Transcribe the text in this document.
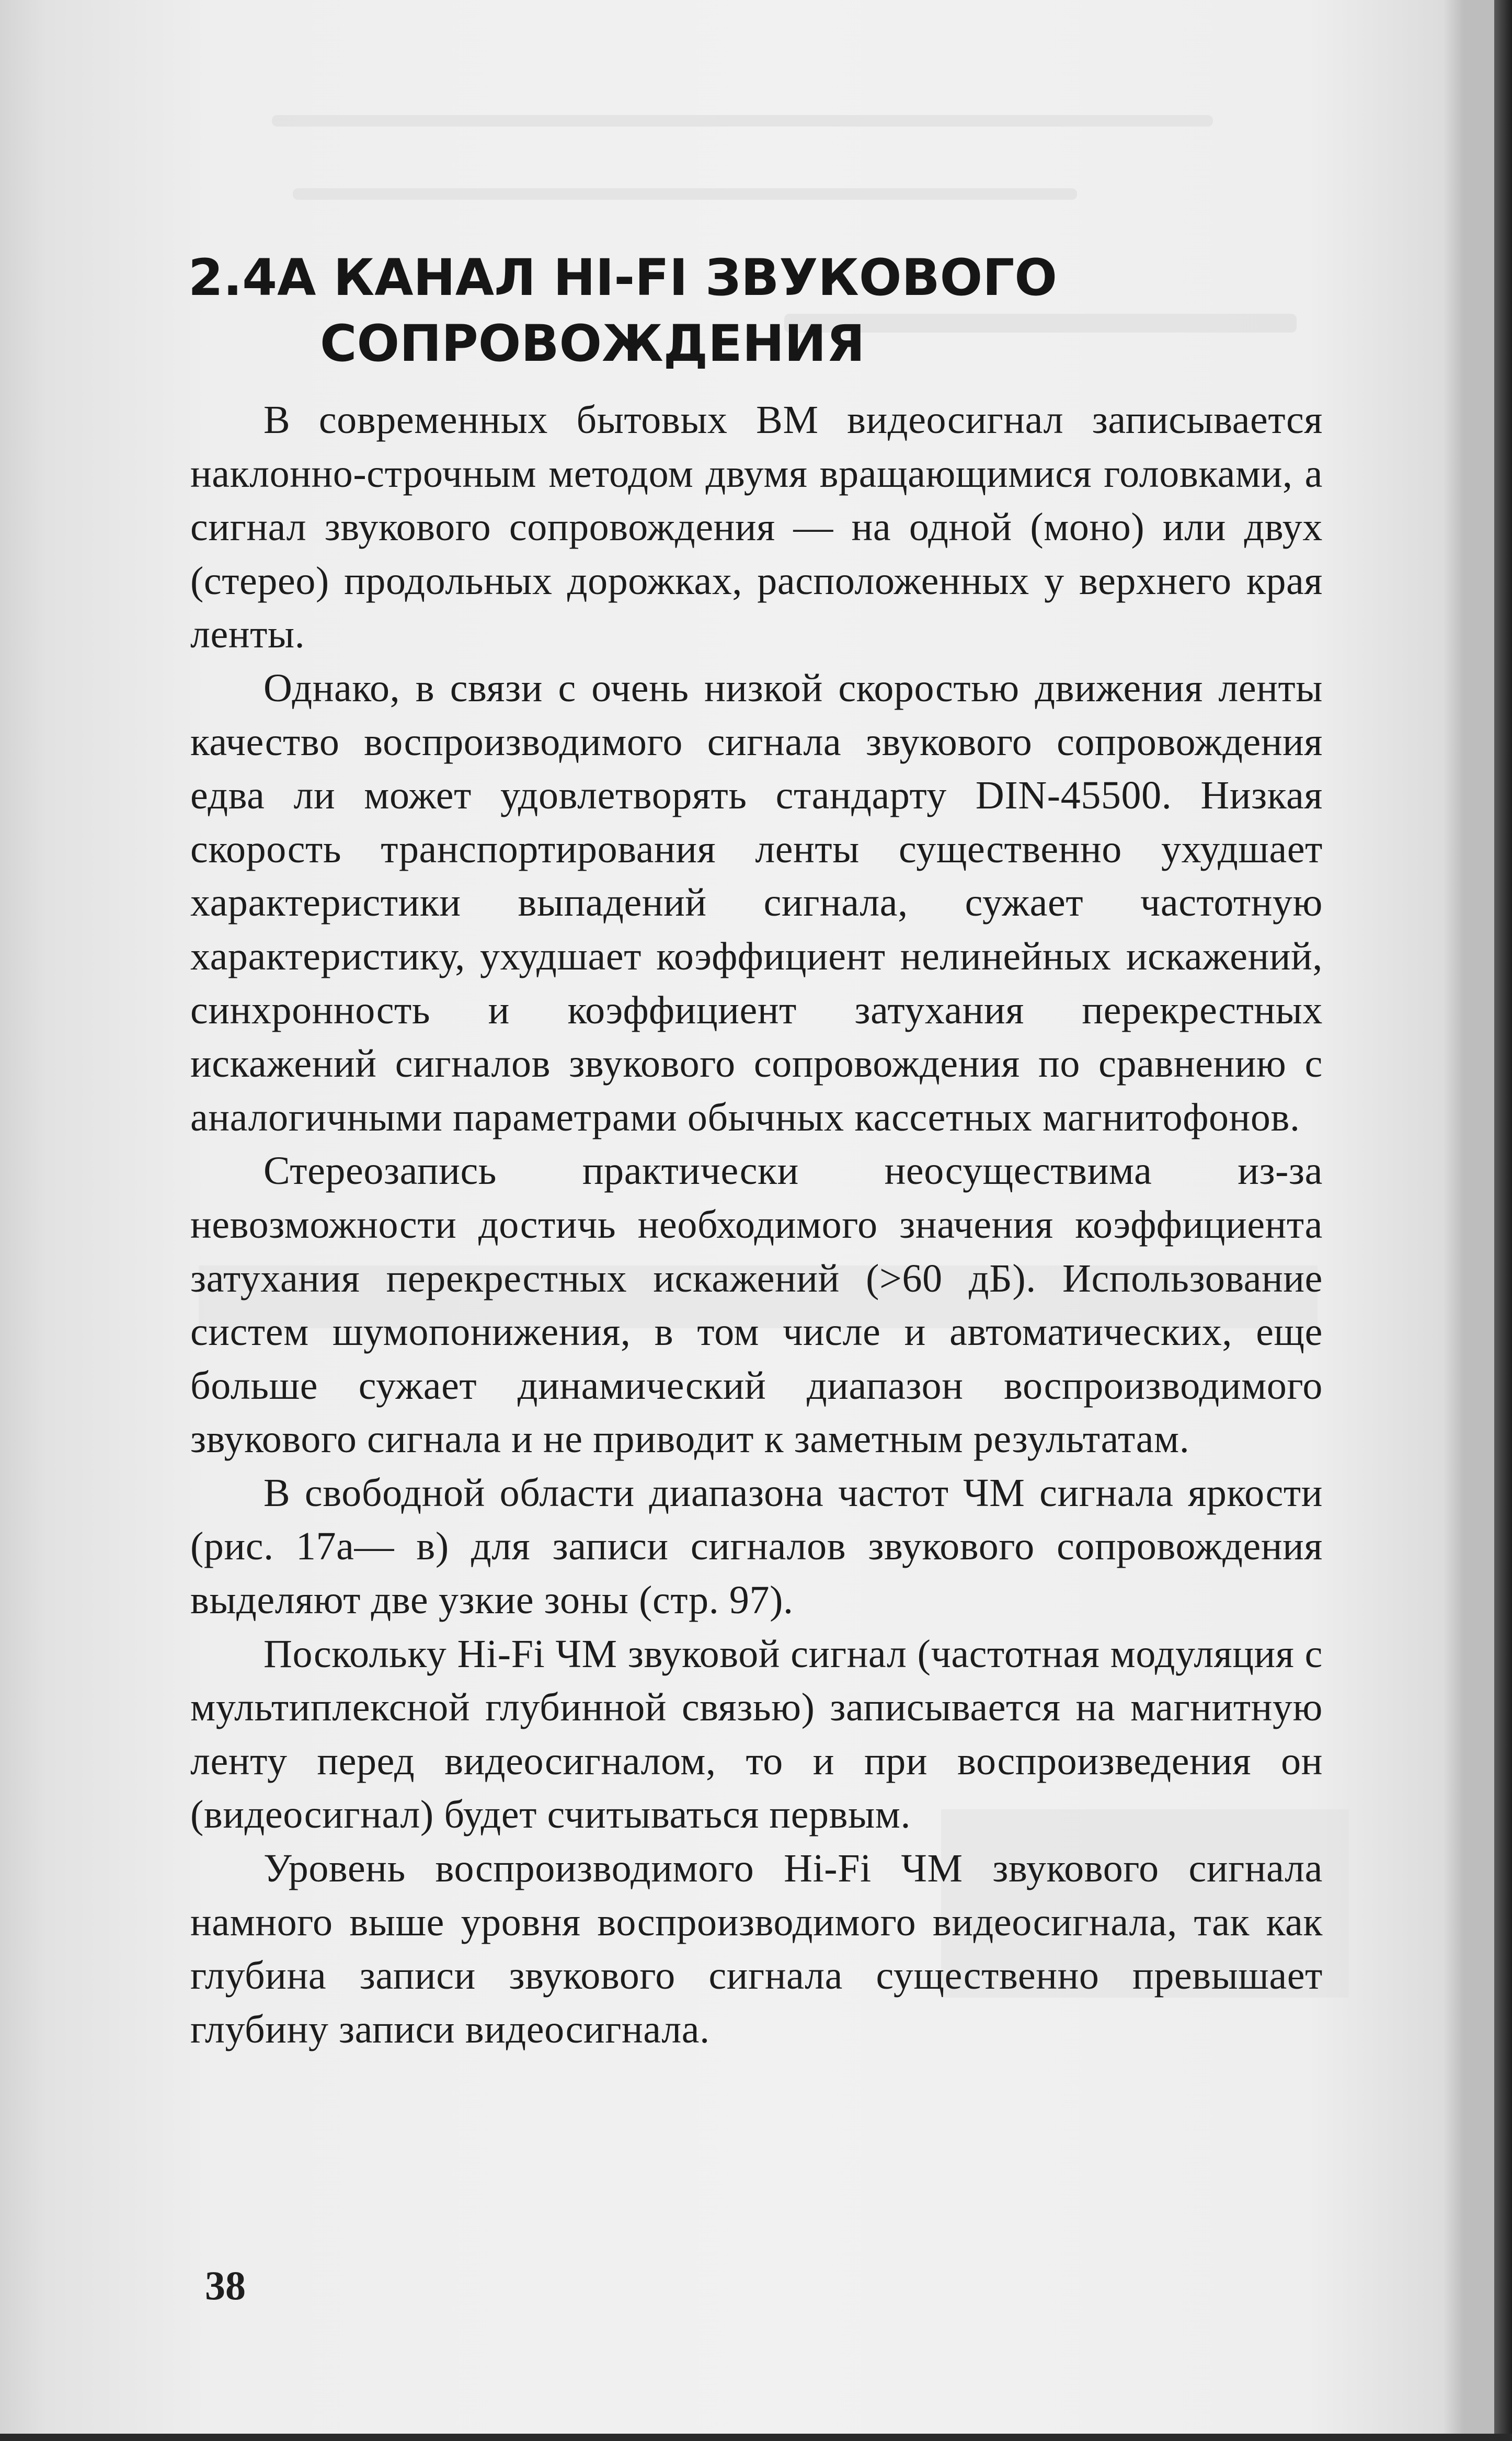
2.4А КАНАЛ HI-FI ЗВУКОВОГО
СОПРОВОЖДЕНИЯ

В современных бытовых ВМ видеосигнал записывается наклонно-строчным методом двумя вращающимися головками, а сигнал звукового сопровождения — на одной (моно) или двух (стерео) продольных дорожках, расположенных у верхнего края ленты.

Однако, в связи с очень низкой скоростью движения ленты качество воспроизводимого сигнала звукового сопровождения едва ли может удовлетворять стандарту DIN-45500. Низкая скорость транспортирования ленты существенно ухудшает характеристики выпадений сигнала, сужает частотную характеристику, ухудшает коэффициент нелинейных искажений, синхронность и коэффициент затухания перекрестных искажений сигналов звукового сопровождения по сравнению с аналогичными параметрами обычных кассетных магнитофонов.

Стереозапись практически неосуществима из-за невозможности достичь необходимого значения коэффициента затухания перекрестных искажений (>60 дБ). Использование систем шумопонижения, в том числе и автоматических, еще больше сужает динамический диапазон воспроизводимого звукового сигнала и не приводит к заметным результатам.

В свободной области диапазона частот ЧМ сигнала яркости (рис. 17а— в) для записи сигналов звукового сопровождения выделяют две узкие зоны (стр. 97).

Поскольку Hi-Fi ЧМ звуковой сигнал (частотная модуляция с мультиплексной глубинной связью) записывается на магнитную ленту перед видеосигналом, то и при воспроизведения он (видеосигнал) будет считываться первым.

Уровень воспроизводимого Hi-Fi ЧМ звукового сигнала намного выше уровня воспроизводимого видеосигнала, так как глубина записи звукового сигнала существенно превышает глубину записи видеосигнала.

38
